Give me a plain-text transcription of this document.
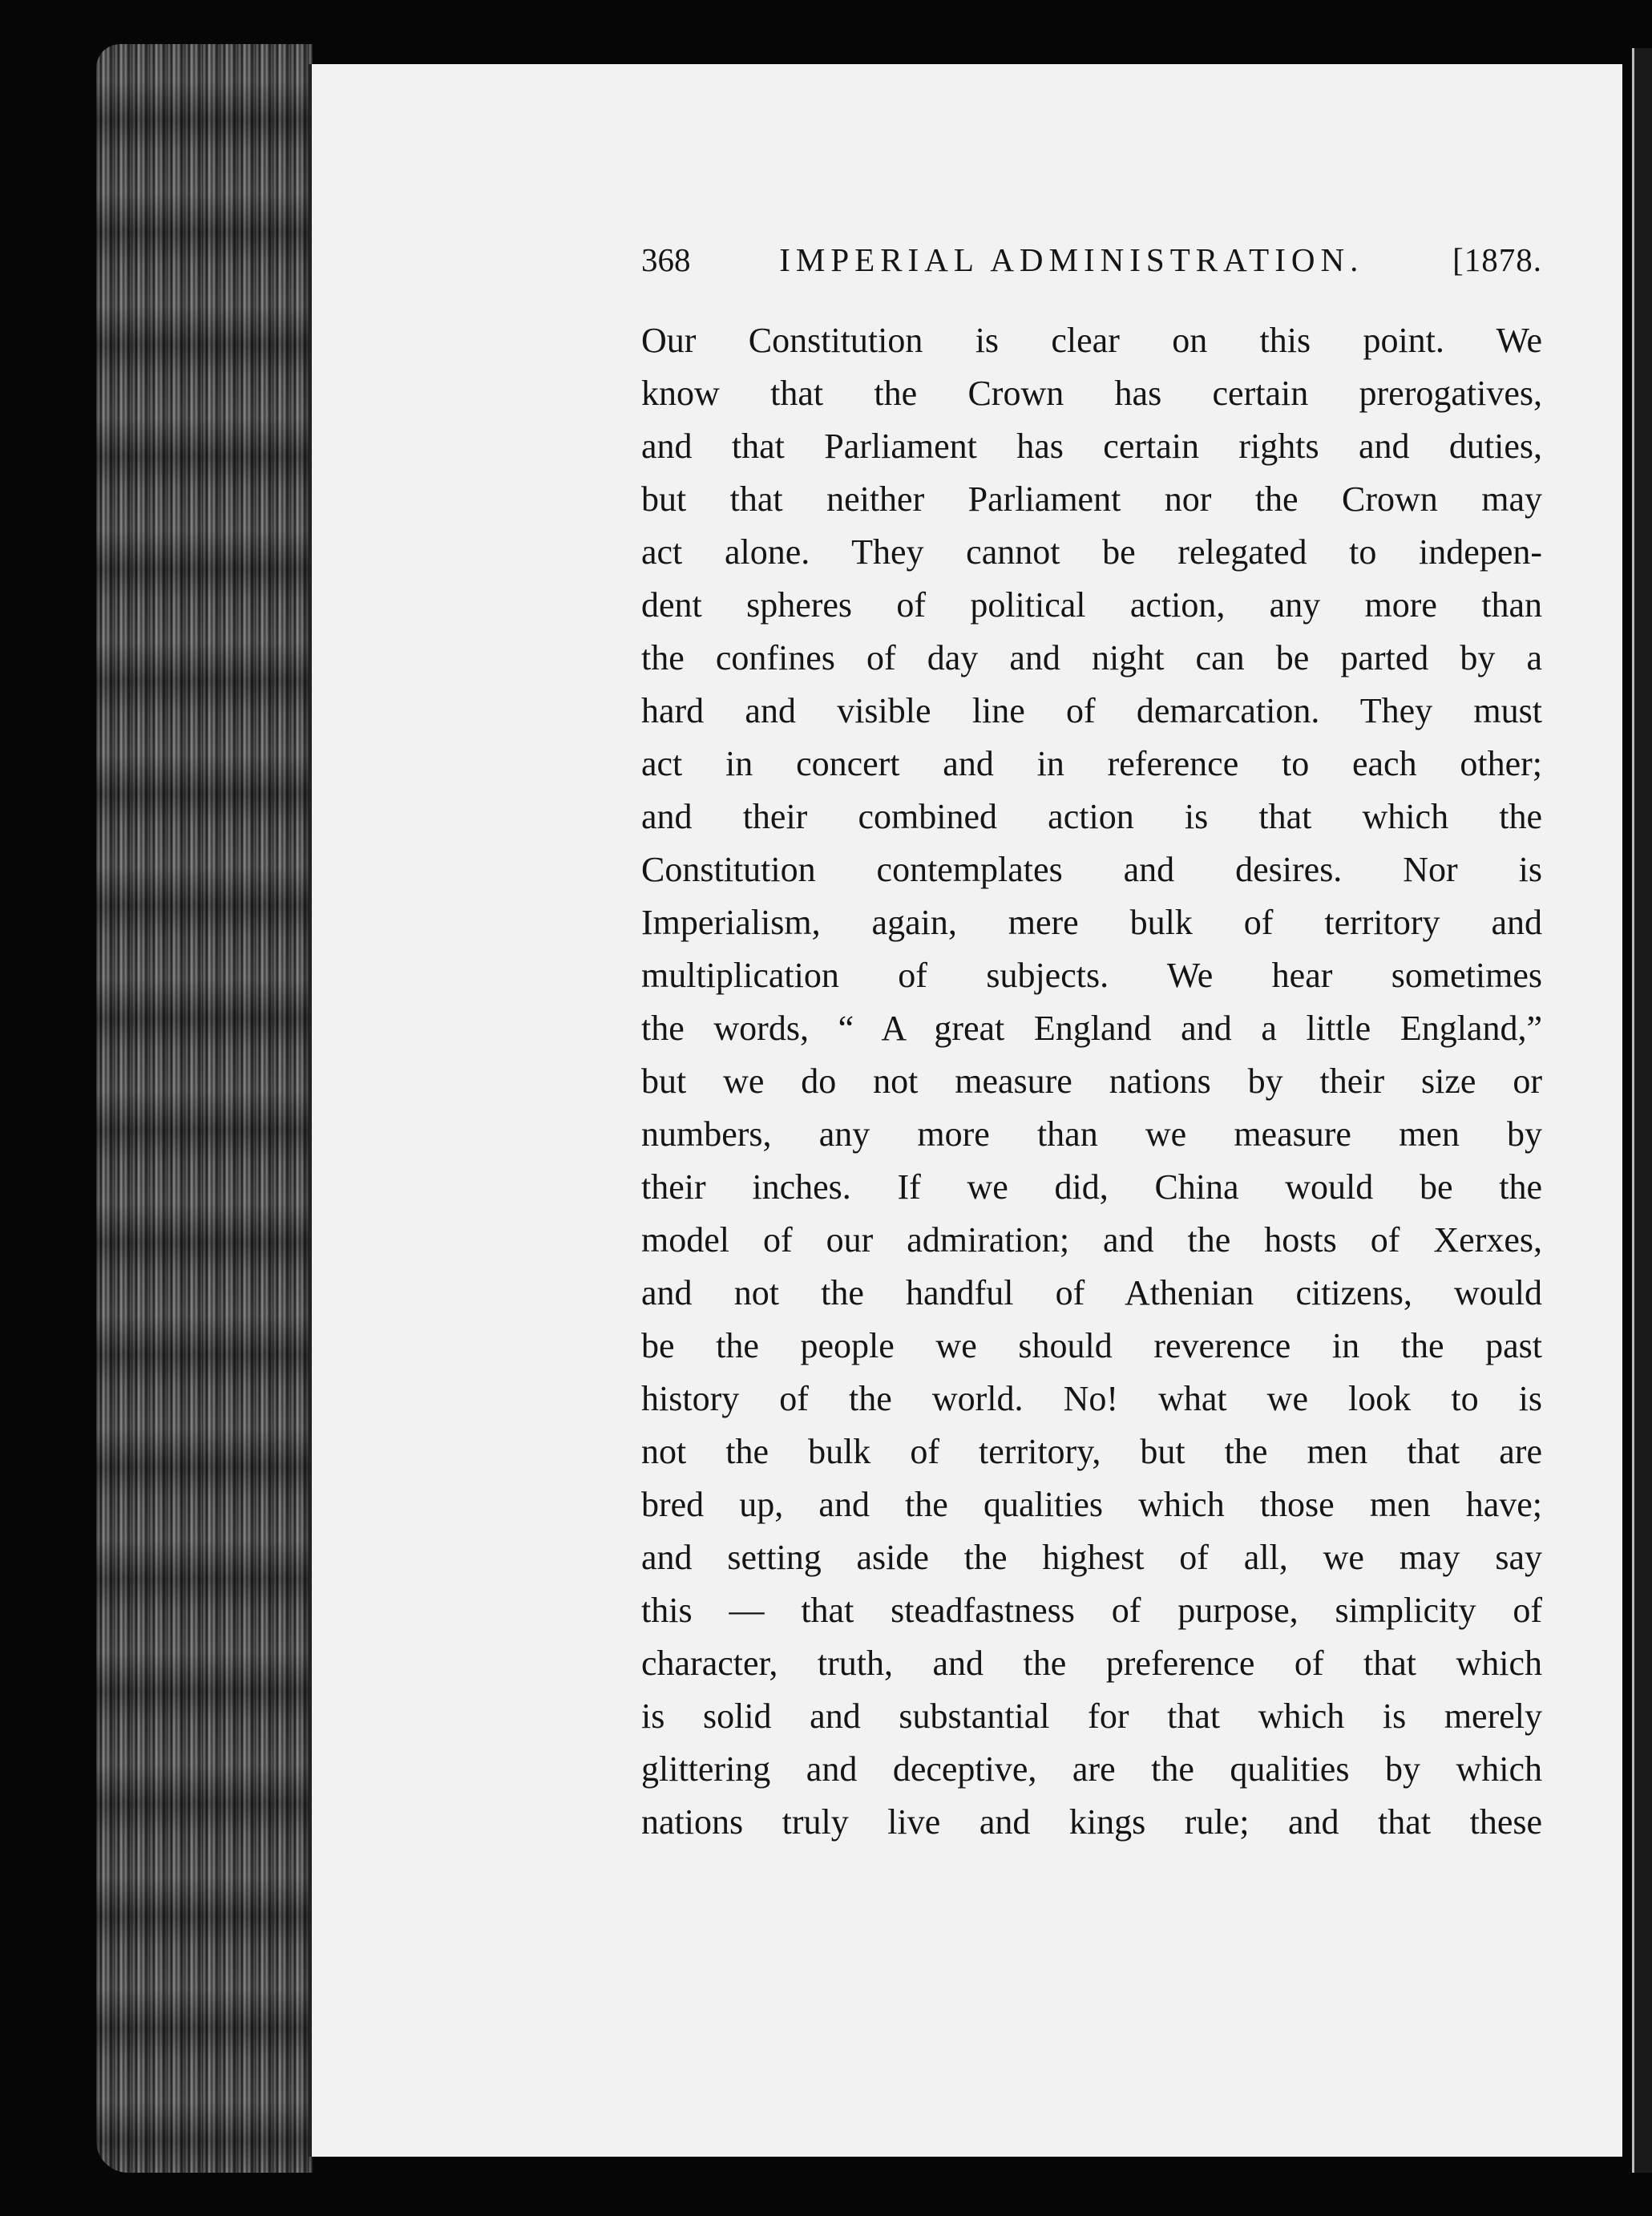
368	IMPERIAL ADMINISTRATION.	[1878.
Our Constitution is clear on this point. We
know that the Crown has certain prerogatives,
and that Parliament has certain rights and duties,
but that neither Parliament nor the Crown may
act alone. They cannot be relegated to indepen-
dent spheres of political action, any more than
the confines of day and night can be parted by a
hard and visible line of demarcation. They must
act in concert and in reference to each other;
and their combined action is that which the
Constitution contemplates and desires. Nor is
Imperialism, again, mere bulk of territory and
multiplication of subjects. We hear sometimes
the words, “ A great England and a little England,”
but we do not measure nations by their size or
numbers, any more than we measure men by
their inches. If we did, China would be the
model of our admiration; and the hosts of Xerxes,
and not the handful of Athenian citizens, would
be the people we should reverence in the past
history of the world. No! what we look to is
not the bulk of territory, but the men that are
bred up, and the qualities which those men have;
and setting aside the highest of all, we may say
this — that steadfastness of purpose, simplicity of
character, truth, and the preference of that which
is solid and substantial for that which is merely
glittering and deceptive, are the qualities by which
nations truly live and kings rule; and that these
